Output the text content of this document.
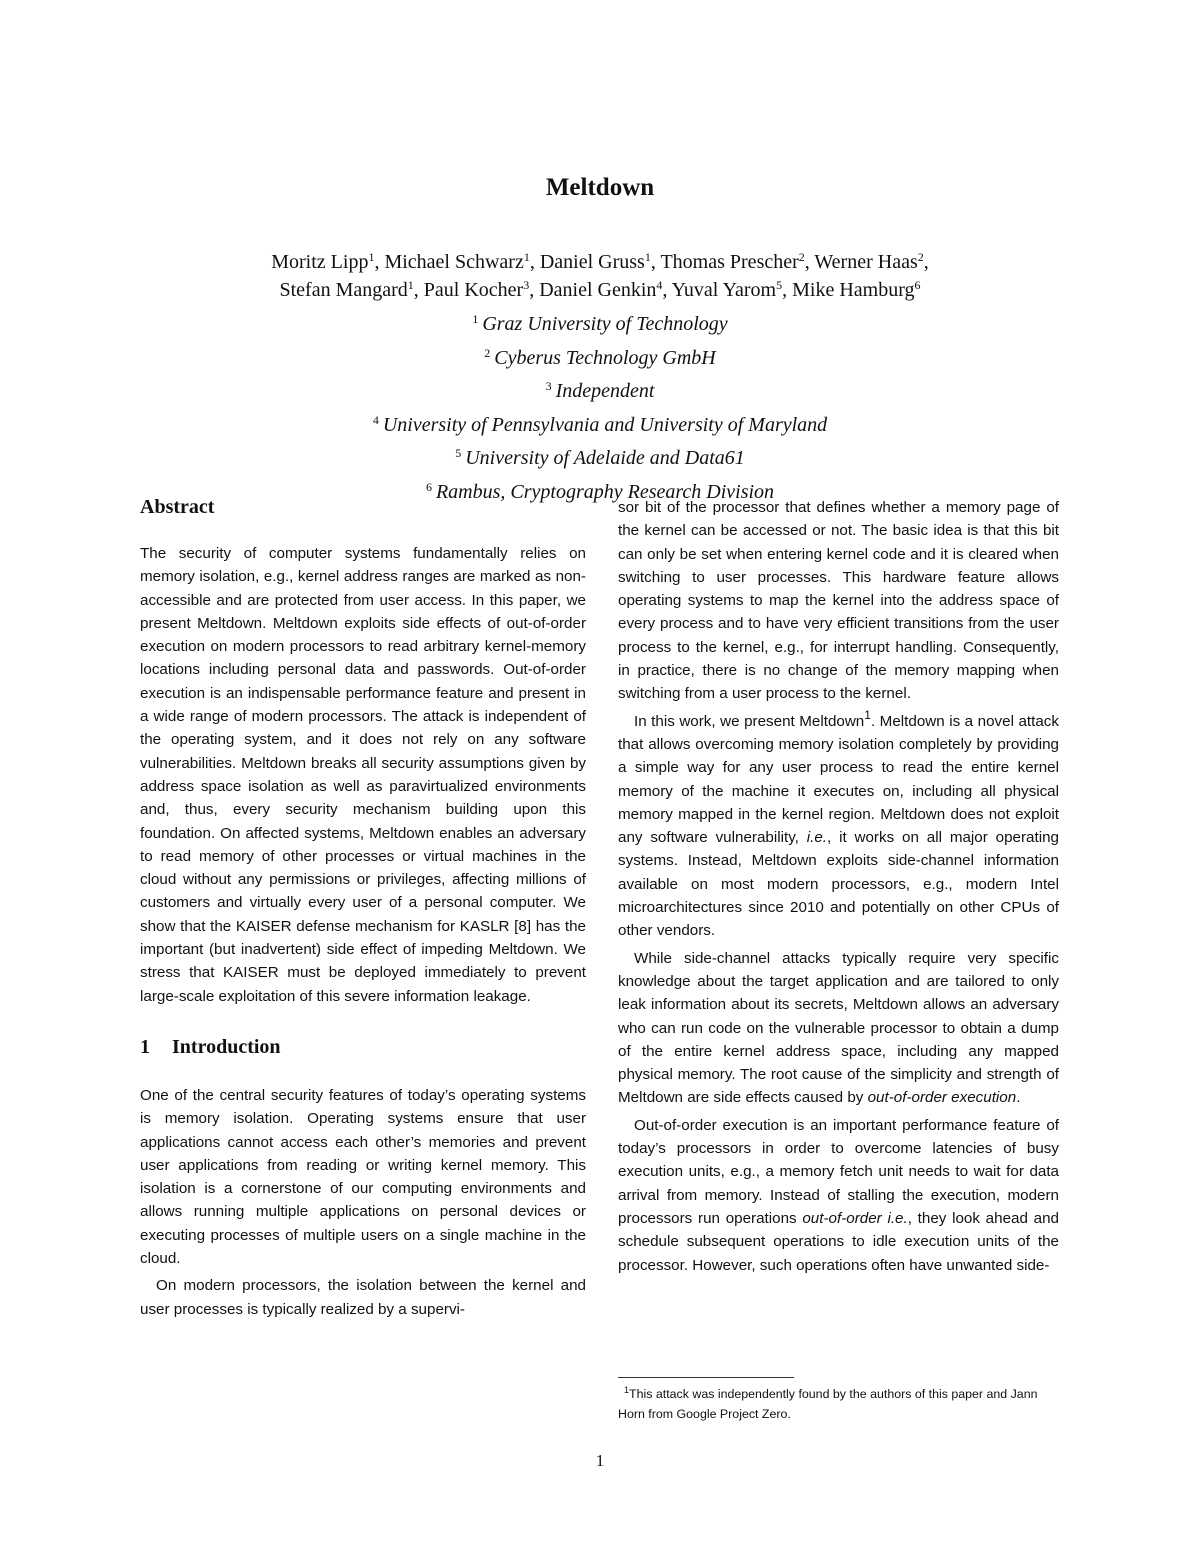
Meltdown
Moritz Lipp$^1$, Michael Schwarz$^1$, Daniel Gruss$^1$, Thomas Prescher$^2$, Werner Haas$^2$,
Stefan Mangard$^1$, Paul Kocher$^3$, Daniel Genkin$^4$, Yuval Yarom$^5$, Mike Hamburg$^6$
$^1$ Graz University of Technology
$^2$ Cyberus Technology GmbH
$^3$ Independent
$^4$ University of Pennsylvania and University of Maryland
$^5$ University of Adelaide and Data61
$^6$ Rambus, Cryptography Research Division
Abstract

The security of computer systems fundamentally relies on memory isolation, e.g., kernel address ranges are marked as non-accessible and are protected from user access. In this paper, we present Meltdown. Meltdown exploits side effects of out-of-order execution on modern processors to read arbitrary kernel-memory locations including personal data and passwords. Out-of-order execution is an indispensable performance feature and present in a wide range of modern processors. The attack is independent of the operating system, and it does not rely on any software vulnerabilities. Meltdown breaks all security assumptions given by address space isolation as well as paravirtualized environments and, thus, every security mechanism building upon this foundation. On affected systems, Meltdown enables an adversary to read memory of other processes or virtual machines in the cloud without any permissions or privileges, affecting millions of customers and virtually every user of a personal computer. We show that the KAISER defense mechanism for KASLR [8] has the important (but inadvertent) side effect of impeding Meltdown. We stress that KAISER must be deployed immediately to prevent large-scale exploitation of this severe information leakage.

1 Introduction

One of the central security features of today’s operating systems is memory isolation. Operating systems ensure that user applications cannot access each other’s memories and prevent user applications from reading or writing kernel memory. This isolation is a cornerstone of our computing environments and allows running multiple applications on personal devices or executing processes of multiple users on a single machine in the cloud.

On modern processors, the isolation between the kernel and user processes is typically realized by a supervi-

sor bit of the processor that defines whether a memory page of the kernel can be accessed or not. The basic idea is that this bit can only be set when entering kernel code and it is cleared when switching to user processes. This hardware feature allows operating systems to map the kernel into the address space of every process and to have very efficient transitions from the user process to the kernel, e.g., for interrupt handling. Consequently, in practice, there is no change of the memory mapping when switching from a user process to the kernel.

In this work, we present Meltdown$^1$. Meltdown is a novel attack that allows overcoming memory isolation completely by providing a simple way for any user process to read the entire kernel memory of the machine it executes on, including all physical memory mapped in the kernel region. Meltdown does not exploit any software vulnerability, i.e., it works on all major operating systems. Instead, Meltdown exploits side-channel information available on most modern processors, e.g., modern Intel microarchitectures since 2010 and potentially on other CPUs of other vendors.

While side-channel attacks typically require very specific knowledge about the target application and are tailored to only leak information about its secrets, Meltdown allows an adversary who can run code on the vulnerable processor to obtain a dump of the entire kernel address space, including any mapped physical memory. The root cause of the simplicity and strength of Meltdown are side effects caused by out-of-order execution.

Out-of-order execution is an important performance feature of today’s processors in order to overcome latencies of busy execution units, e.g., a memory fetch unit needs to wait for data arrival from memory. Instead of stalling the execution, modern processors run operations out-of-order i.e., they look ahead and schedule subsequent operations to idle execution units of the processor. However, such operations often have unwanted side-

$^1$This attack was independently found by the authors of this paper and Jann Horn from Google Project Zero.
1
